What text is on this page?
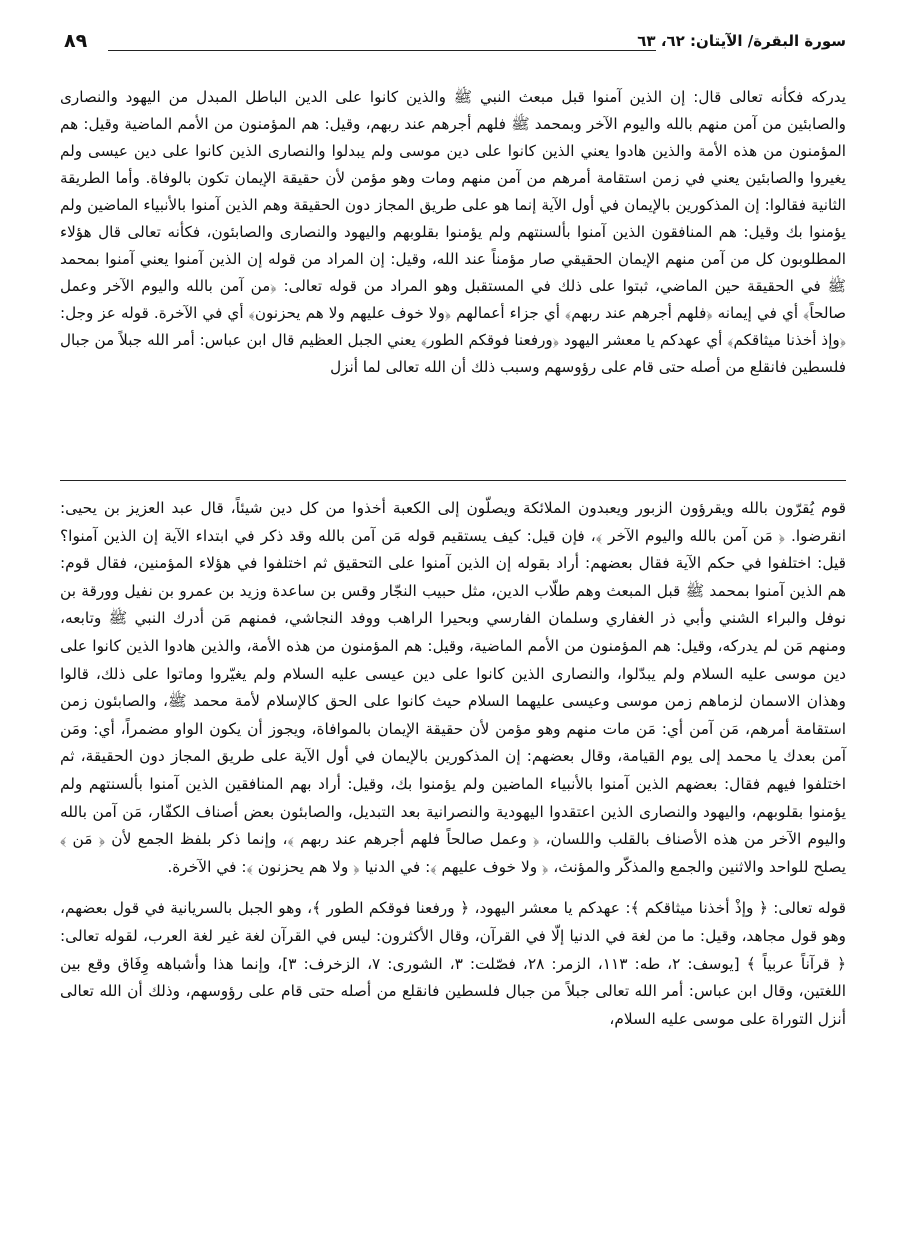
سورة البقرة/ الآيتان: ٦٢، ٦٣
٨٩

يدركه فكأنه تعالى قال: إن الذين آمنوا قبل مبعث النبي ﷺ والذين كانوا على الدين الباطل المبدل من اليهود والنصارى والصابئين من آمن منهم بالله واليوم الآخر وبمحمد ﷺ فلهم أجرهم عند ربهم، وقيل: هم المؤمنون من الأمم الماضية وقيل: هم المؤمنون من هذه الأمة والذين هادوا يعني الذين كانوا على دين موسى ولم يبدلوا والنصارى الذين كانوا على دين عيسى ولم يغيروا والصابئين يعني في زمن استقامة أمرهم من آمن منهم ومات وهو مؤمن لأن حقيقة الإيمان تكون بالوفاة. وأما الطريقة الثانية فقالوا: إن المذكورين بالإيمان في أول الآية إنما هو على طريق المجاز دون الحقيقة وهم الذين آمنوا بالأنبياء الماضين ولم يؤمنوا بك وقيل: هم المنافقون الذين آمنوا بألسنتهم ولم يؤمنوا بقلوبهم واليهود والنصارى والصابئون، فكأنه تعالى قال هؤلاء المطلوبون كل من آمن منهم الإيمان الحقيقي صار مؤمناً عند الله، وقيل: إن المراد من قوله إن الذين آمنوا يعني آمنوا بمحمد ﷺ في الحقيقة حين الماضي، ثبتوا على ذلك في المستقبل وهو المراد من قوله تعالى: ﴿من آمن بالله واليوم الآخر وعمل صالحاً﴾ أي في إيمانه ﴿فلهم أجرهم عند ربهم﴾ أي جزاء أعمالهم ﴿ولا خوف عليهم ولا هم يحزنون﴾ أي في الآخرة. قوله عز وجل: ﴿وإذ أخذنا ميثاقكم﴾ أي عهدكم يا معشر اليهود ﴿ورفعنا فوقكم الطور﴾ يعني الجبل العظيم قال ابن عباس: أمر الله جبلاً من جبال فلسطين فانقلع من أصله حتى قام على رؤوسهم وسبب ذلك أن الله تعالى لما أنزل

قوم يُقرّون بالله ويقرؤون الزبور ويعبدون الملائكة ويصلّون إلى الكعبة أخذوا من كل دين شيئاً، قال عبد العزيز بن يحيى: انقرضوا. ﴿ مَن آمن بالله واليوم الآخر ﴾، فإن قيل: كيف يستقيم قوله مَن آمن بالله وقد ذكر في ابتداء الآية إن الذين آمنوا؟ قيل: اختلفوا في حكم الآية فقال بعضهم: أراد بقوله إن الذين آمنوا على التحقيق ثم اختلفوا في هؤلاء المؤمنين، فقال قوم: هم الذين آمنوا بمحمد ﷺ قبل المبعث وهم طلّاب الدين، مثل حبيب النجّار وقس بن ساعدة وزيد بن عمرو بن نفيل وورقة بن نوفل والبراء الشني وأبي ذر الغفاري وسلمان الفارسي وبحيرا الراهب ووفد النجاشي، فمنهم مَن أدرك النبي ﷺ وتابعه، ومنهم مَن لم يدركه، وقيل: هم المؤمنون من الأمم الماضية، وقيل: هم المؤمنون من هذه الأمة، والذين هادوا الذين كانوا على دين موسى عليه السلام ولم يبدّلوا، والنصارى الذين كانوا على دين عيسى عليه السلام ولم يغيّروا وماتوا على ذلك، قالوا وهذان الاسمان لزماهم زمن موسى وعيسى عليهما السلام حيث كانوا على الحق كالإسلام لأمة محمد ﷺ، والصابئون زمن استقامة أمرهم، مَن آمن أي: مَن مات منهم وهو مؤمن لأن حقيقة الإيمان بالموافاة، ويجوز أن يكون الواو مضمراً، أي: ومَن آمن بعدك يا محمد إلى يوم القيامة، وقال بعضهم: إن المذكورين بالإيمان في أول الآية على طريق المجاز دون الحقيقة، ثم اختلفوا فيهم فقال: بعضهم الذين آمنوا بالأنبياء الماضين ولم يؤمنوا بك، وقيل: أراد بهم المنافقين الذين آمنوا بألسنتهم ولم يؤمنوا بقلوبهم، واليهود والنصارى الذين اعتقدوا اليهودية والنصرانية بعد التبديل، والصابئون بعض أصناف الكفّار، مَن آمن بالله واليوم الآخر من هذه الأصناف بالقلب واللسان، ﴿ وعمل صالحاً فلهم أجرهم عند ربهم ﴾، وإنما ذكر بلفظ الجمع لأن ﴿ مَن ﴾ يصلح للواحد والاثنين والجمع والمذكّر والمؤنث، ﴿ ولا خوف عليهم ﴾: في الدنيا ﴿ ولا هم يحزنون ﴾: في الآخرة.

قوله تعالى: ﴿ وإذْ أخذنا ميثاقكم ﴾: عهدكم يا معشر اليهود، ﴿ ورفعنا فوقكم الطور ﴾، وهو الجبل بالسريانية في قول بعضهم، وهو قول مجاهد، وقيل: ما من لغة في الدنيا إلّا في القرآن، وقال الأكثرون: ليس في القرآن لغة غير لغة العرب، لقوله تعالى: ﴿ قرآناً عربياً ﴾ [يوسف: ٢، طه: ١١٣، الزمر: ٢٨، فصّلت: ٣، الشورى: ٧، الزخرف: ٣]، وإنما هذا وأشباهه وِفَاق وقع بين اللغتين، وقال ابن عباس: أمر الله تعالى جبلاً من جبال فلسطين فانقلع من أصله حتى قام على رؤوسهم، وذلك أن الله تعالى أنزل التوراة على موسى عليه السلام،
